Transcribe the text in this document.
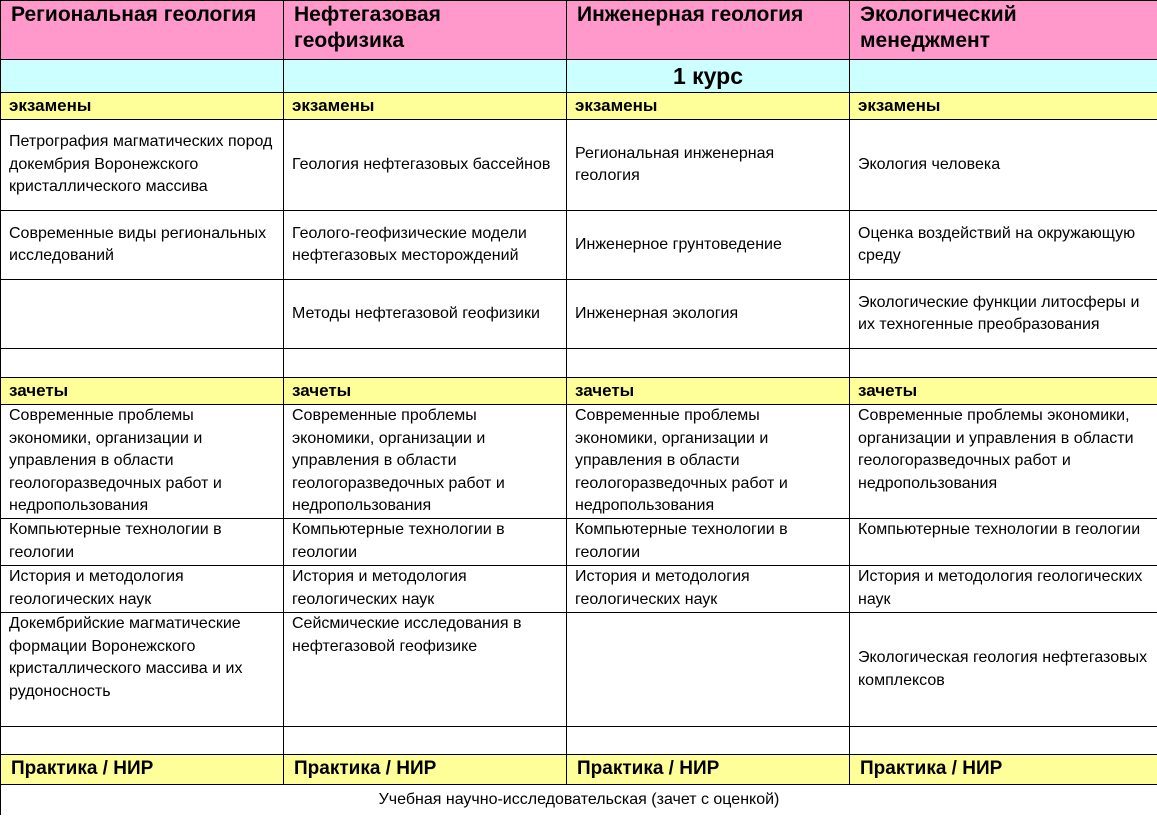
Региональная геология	Нефтегазовая геофизика	Инженерная геология	Экологический менеджмент
		1 курс	
экзамены	экзамены	экзамены	экзамены
Петрография магматических пород докембрия Воронежского кристаллического массива	Геология нефтегазовых бассейнов	Региональная инженерная геология	Экология человека
Современные виды региональных исследований	Геолого-геофизические модели нефтегазовых месторождений	Инженерное грунтоведение	Оценка воздействий на окружающую среду
	Методы нефтегазовой геофизики	Инженерная экология	Экологические функции литосферы и их техногенные преобразования

зачеты	зачеты	зачеты	зачеты
Современные проблемы экономики, организации и управления в области геологоразведочных работ и недропользования	Современные проблемы экономики, организации и управления в области геологоразведочных работ и недропользования	Современные проблемы экономики, организации и управления в области геологоразведочных работ и недропользования	Современные проблемы экономики, организации и управления в области геологоразведочных работ и недропользования
Компьютерные технологии в геологии	Компьютерные технологии в геологии	Компьютерные технологии в геологии	Компьютерные технологии в геологии
История и методология геологических наук	История и методология геологических наук	История и методология геологических наук	История и методология геологических наук
Докембрийские магматические формации Воронежского кристаллического массива и их рудоносность	Сейсмические исследования в нефтегазовой геофизике		Экологическая геология нефтегазовых комплексов

Практика / НИР	Практика / НИР	Практика / НИР	Практика / НИР
Учебная научно-исследовательская (зачет с оценкой)			
